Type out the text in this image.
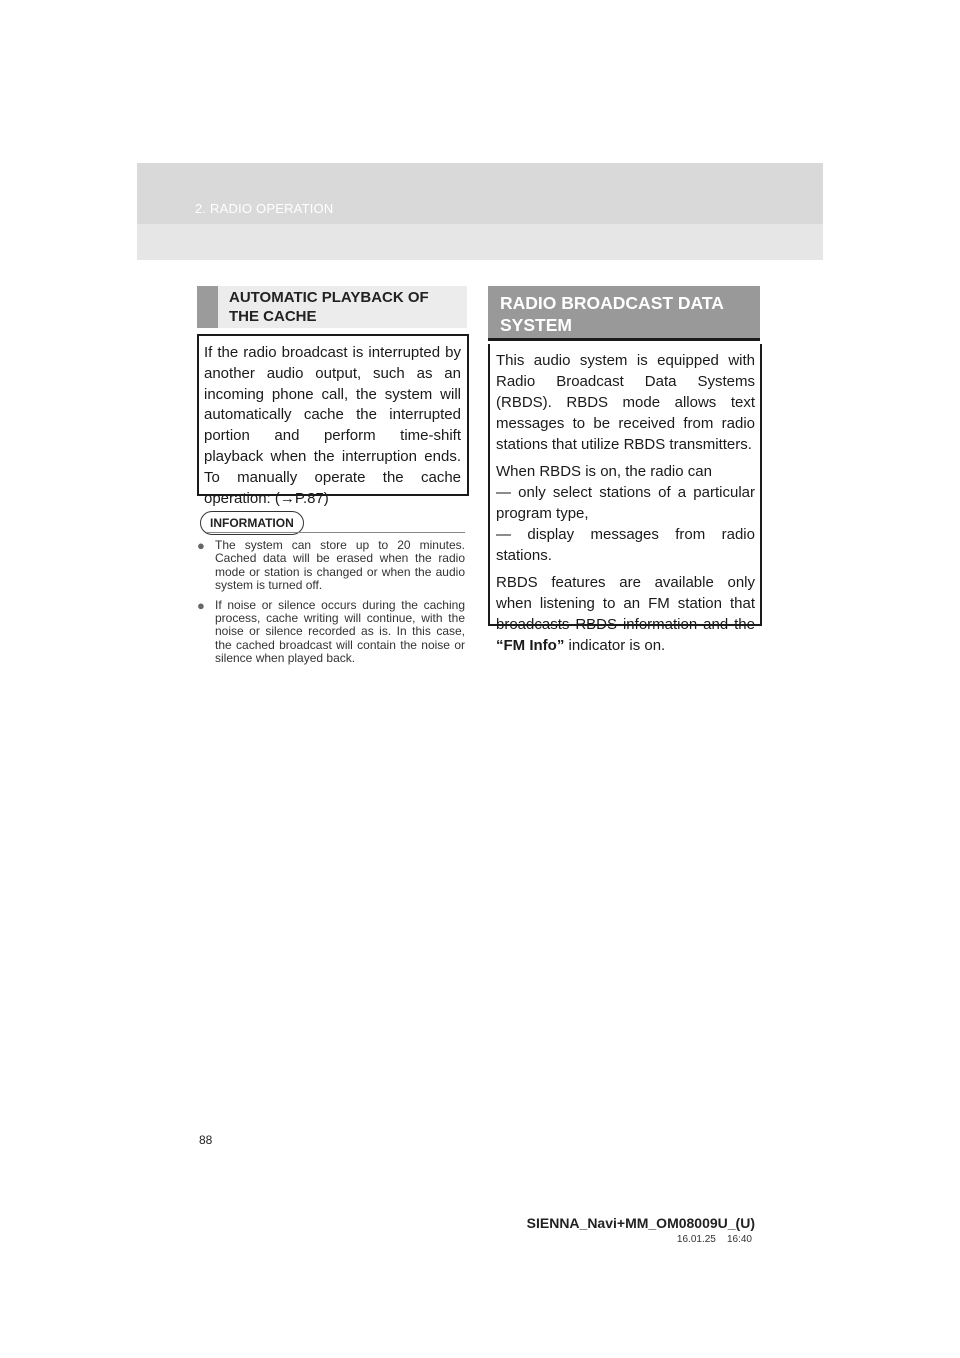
2. RADIO OPERATION
AUTOMATIC PLAYBACK OF
THE CACHE

If the radio broadcast is interrupted by another audio output, such as an incoming phone call, the system will automatically cache the interrupted portion and perform time-shift playback when the interruption ends. To manually operate the cache operation: (→P.87)

INFORMATION
● The system can store up to 20 minutes. Cached data will be erased when the radio mode or station is changed or when the audio system is turned off.
● If noise or silence occurs during the caching process, cache writing will continue, with the noise or silence recorded as is. In this case, the cached broadcast will contain the noise or silence when played back.
RADIO BROADCAST DATA
SYSTEM

This audio system is equipped with Radio Broadcast Data Systems (RBDS). RBDS mode allows text messages to be received from radio stations that utilize RBDS transmitters.

When RBDS is on, the radio can
— only select stations of a particular program type,
— display messages from radio stations.

RBDS features are available only when listening to an FM station that broadcasts RBDS information and the “FM Info” indicator is on.

88
SIENNA_Navi+MM_OM08009U_(U)
16.01.25    16:40
